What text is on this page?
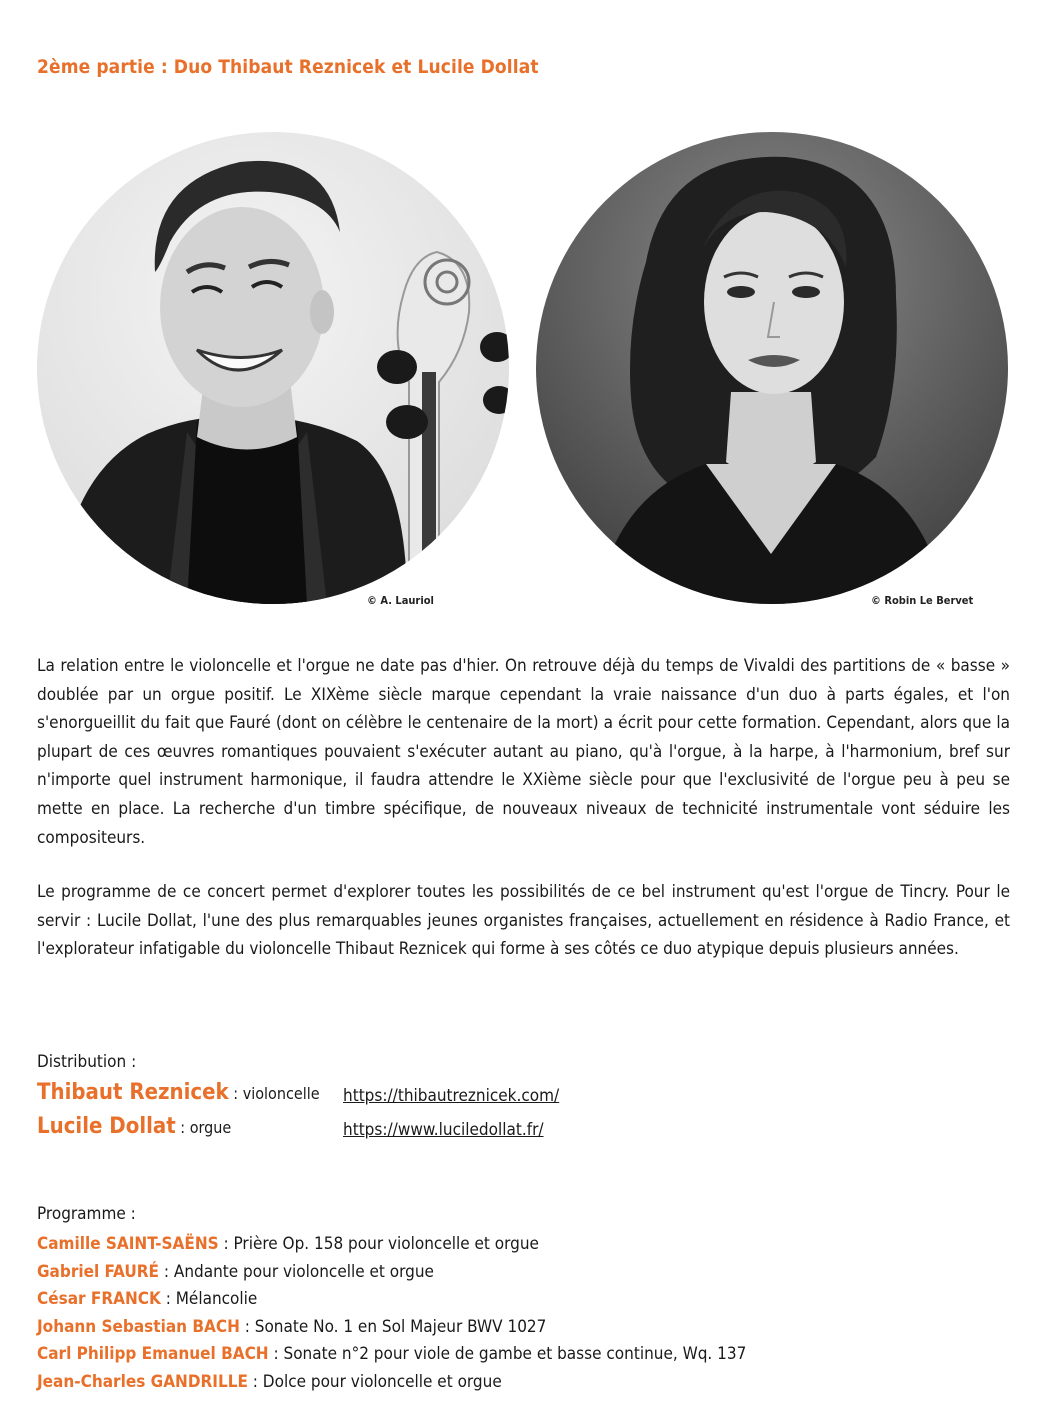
2ème partie : Duo Thibaut Reznicek et Lucile Dollat
© A. Lauriol	© Robin Le Bervet

La relation entre le violoncelle et l'orgue ne date pas d'hier. On retrouve déjà du temps de Vivaldi des partitions de « basse » doublée par un orgue positif. Le XIXème siècle marque cependant la vraie naissance d'un duo à parts égales, et l'on s'enorgueillit du fait que Fauré (dont on célèbre le centenaire de la mort) a écrit pour cette formation. Cependant, alors que la plupart de ces œuvres romantiques pouvaient s'exécuter autant au piano, qu'à l'orgue, à la harpe, à l'harmonium, bref sur n'importe quel instrument harmonique, il faudra attendre le XXième siècle pour que l'exclusivité de l'orgue peu à peu se mette en place. La recherche d'un timbre spécifique, de nouveaux niveaux de technicité instrumentale vont séduire les compositeurs.

Le programme de ce concert permet d'explorer toutes les possibilités de ce bel instrument qu'est l'orgue de Tincry. Pour le servir : Lucile Dollat, l'une des plus remarquables jeunes organistes françaises, actuellement en résidence à Radio France, et l'explorateur infatigable du violoncelle Thibaut Reznicek qui forme à ses côtés ce duo atypique depuis plusieurs années.

Distribution :
Thibaut Reznicek : violoncelle https://thibautreznicek.com/
Lucile Dollat : orgue	https://www.luciledollat.fr/
Programme :
Camille SAINT-SAËNS : Prière Op. 158 pour violoncelle et orgue
Gabriel FAURÉ : Andante pour violoncelle et orgue
César FRANCK : Mélancolie
Johann Sebastian BACH : Sonate No. 1 en Sol Majeur BWV 1027
Carl Philipp Emanuel BACH : Sonate n°2 pour viole de gambe et basse continue, Wq. 137
Jean-Charles GANDRILLE : Dolce pour violoncelle et orgue
